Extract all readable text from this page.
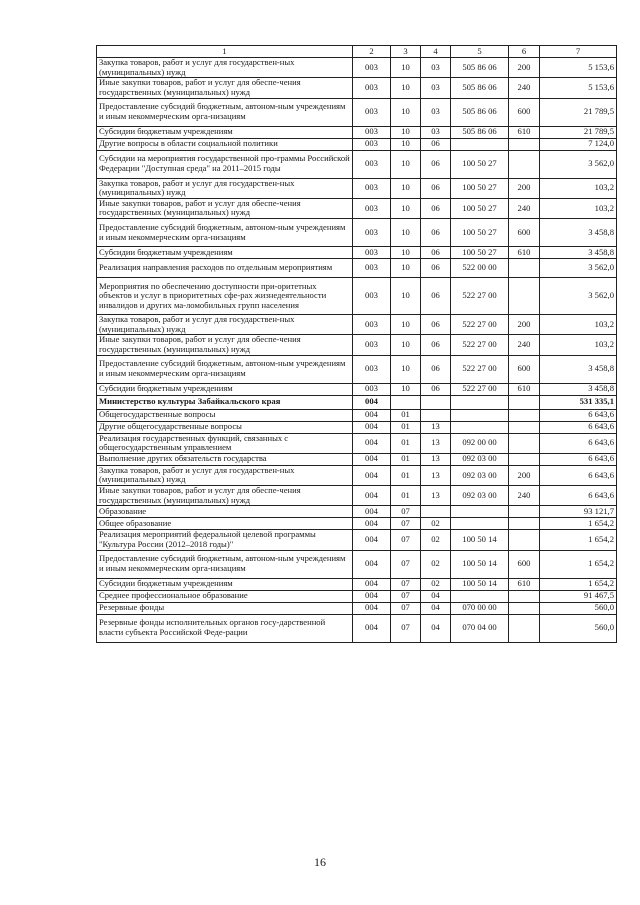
1	2	3	4	5	6	7
Закупка товаров, работ и услуг для государствен-ных (муниципальных) нужд	003	10	03	505 86 06	200	5 153,6
Иные закупки товаров, работ и услуг для обеспе-чения государственных (муниципальных) нужд	003	10	03	505 86 06	240	5 153,6
Предоставление субсидий бюджетным, автоном-ным учреждениям и иным некоммерческим орга-низациям	003	10	03	505 86 06	600	21 789,5
Субсидии бюджетным учреждениям	003	10	03	505 86 06	610	21 789,5
Другие вопросы в области социальной политики	003	10	06			7 124,0
Субсидии на мероприятия государственной про-граммы Российской Федерации "Доступная среда" на 2011–2015 годы	003	10	06	100 50 27		3 562,0
Закупка товаров, работ и услуг для государствен-ных (муниципальных) нужд	003	10	06	100 50 27	200	103,2
Иные закупки товаров, работ и услуг для обеспе-чения государственных (муниципальных) нужд	003	10	06	100 50 27	240	103,2
Предоставление субсидий бюджетным, автоном-ным учреждениям и иным некоммерческим орга-низациям	003	10	06	100 50 27	600	3 458,8
Субсидии бюджетным учреждениям	003	10	06	100 50 27	610	3 458,8
Реализация направления расходов по отдельным мероприятиям	003	10	06	522 00 00		3 562,0
Мероприятия по обеспечению доступности при-оритетных объектов и услуг в приоритетных сфе-рах жизнедеятельности инвалидов и других ма-ломобильных групп населения	003	10	06	522 27 00		3 562,0
Закупка товаров, работ и услуг для государствен-ных (муниципальных) нужд	003	10	06	522 27 00	200	103,2
Иные закупки товаров, работ и услуг для обеспе-чения государственных (муниципальных) нужд	003	10	06	522 27 00	240	103,2
Предоставление субсидий бюджетным, автоном-ным учреждениям и иным некоммерческим орга-низациям	003	10	06	522 27 00	600	3 458,8
Субсидии бюджетным учреждениям	003	10	06	522 27 00	610	3 458,8
Министерство культуры Забайкальского края	004					531 335,1
Общегосударственные вопросы	004	01				6 643,6
Другие общегосударственные вопросы	004	01	13			6 643,6
Реализация государственных функций, связанных с общегосударственным управлением	004	01	13	092 00 00		6 643,6
Выполнение других обязательств государства	004	01	13	092 03 00		6 643,6
Закупка товаров, работ и услуг для государствен-ных (муниципальных) нужд	004	01	13	092 03 00	200	6 643,6
Иные закупки товаров, работ и услуг для обеспе-чения государственных (муниципальных) нужд	004	01	13	092 03 00	240	6 643,6
Образование	004	07				93 121,7
Общее образование	004	07	02			1 654,2
Реализация мероприятий федеральной целевой программы "Культура России (2012–2018 годы)"	004	07	02	100 50 14		1 654,2
Предоставление субсидий бюджетным, автоном-ным учреждениям и иным некоммерческим орга-низациям	004	07	02	100 50 14	600	1 654,2
Субсидии бюджетным учреждениям	004	07	02	100 50 14	610	1 654,2
Среднее профессиональное образование	004	07	04			91 467,5
Резервные фонды	004	07	04	070 00 00		560,0
Резервные фонды исполнительных органов госу-дарственной власти субъекта Российской Феде-рации	004	07	04	070 04 00		560,0
16
